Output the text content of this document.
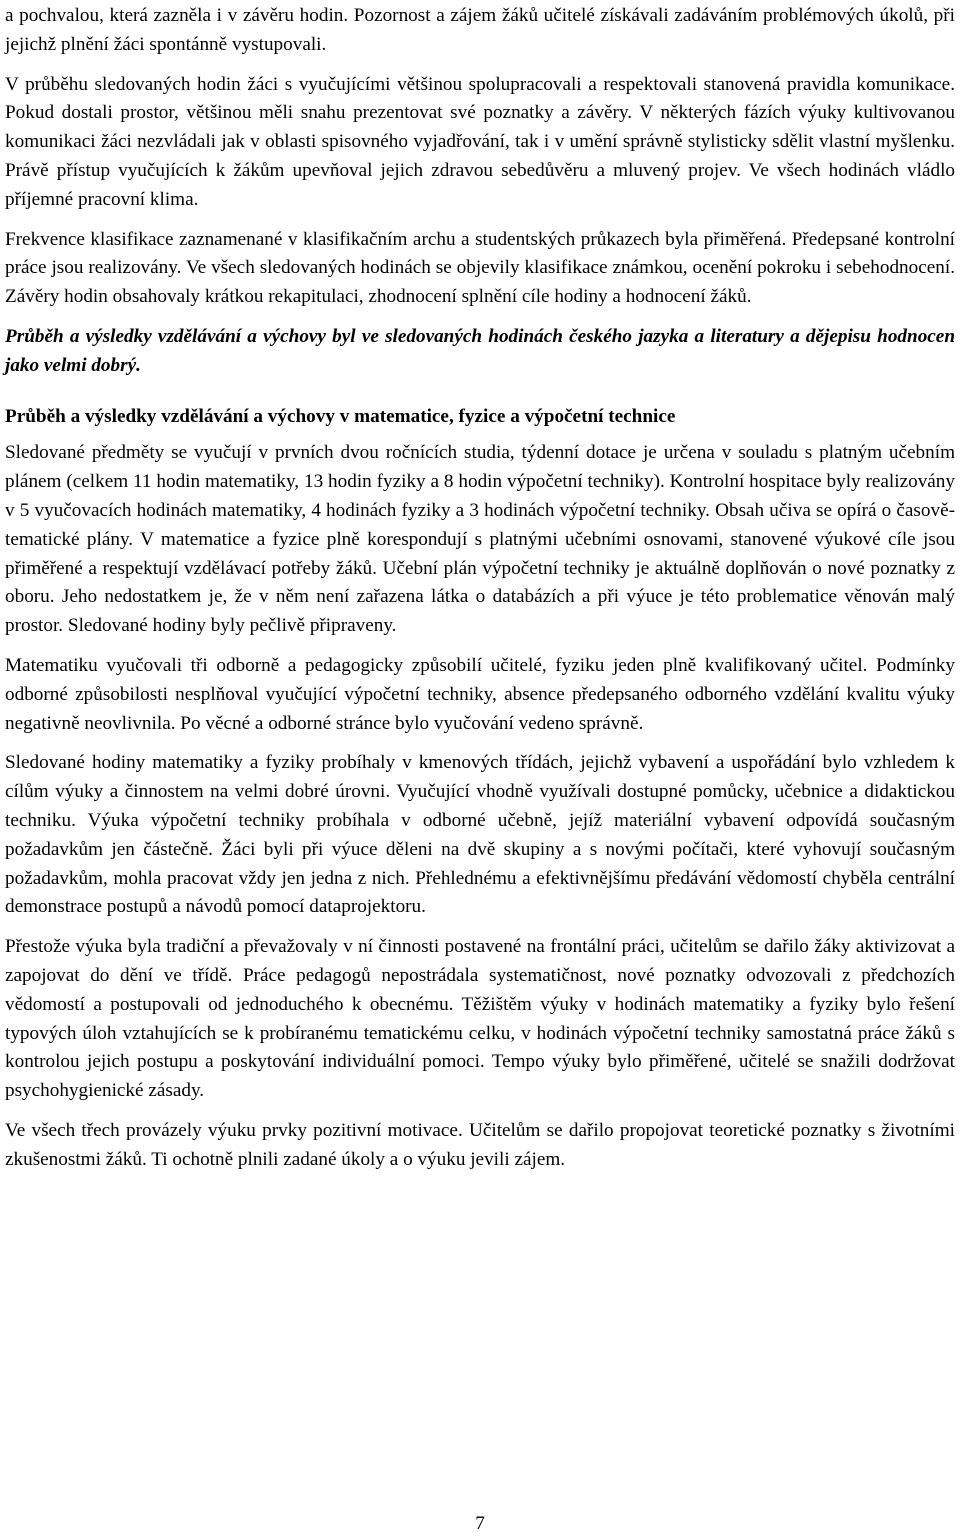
a pochvalou, která zazněla i v závěru hodin. Pozornost a zájem žáků učitelé získávali zadáváním problémových úkolů, při jejichž plnění žáci spontánně vystupovali.

V průběhu sledovaných hodin žáci s vyučujícími většinou spolupracovali a respektovali stanovená pravidla komunikace. Pokud dostali prostor, většinou měli snahu prezentovat své poznatky a závěry. V některých fázích výuky kultivovanou komunikaci žáci nezvládali jak v oblasti spisovného vyjadřování, tak i v umění správně stylisticky sdělit vlastní myšlenku. Právě přístup vyučujících k žákům upevňoval jejich zdravou sebedůvěru a mluvený projev. Ve všech hodinách vládlo příjemné pracovní klima.

Frekvence klasifikace zaznamenané v klasifikačním archu a studentských průkazech byla přiměřená. Předepsané kontrolní práce jsou realizovány. Ve všech sledovaných hodinách se objevily klasifikace známkou, ocenění pokroku i sebehodnocení. Závěry hodin obsahovaly krátkou rekapitulaci, zhodnocení splnění cíle hodiny a hodnocení žáků.

Průběh a výsledky vzdělávání a výchovy byl ve sledovaných hodinách českého jazyka a literatury a dějepisu hodnocen jako velmi dobrý.

Průběh a výsledky vzdělávání a výchovy v matematice, fyzice a výpočetní technice

Sledované předměty se vyučují v prvních dvou ročnících studia, týdenní dotace je určena v souladu s platným učebním plánem (celkem 11 hodin matematiky, 13 hodin fyziky a 8 hodin výpočetní techniky). Kontrolní hospitace byly realizovány v 5 vyučovacích hodinách matematiky, 4 hodinách fyziky a 3 hodinách výpočetní techniky. Obsah učiva se opírá o časově-tematické plány. V matematice a fyzice plně korespondují s platnými učebními osnovami, stanovené výukové cíle jsou přiměřené a respektují vzdělávací potřeby žáků. Učební plán výpočetní techniky je aktuálně doplňován o nové poznatky z oboru. Jeho nedostatkem je, že v něm není zařazena látka o databázích a při výuce je této problematice věnován malý prostor. Sledované hodiny byly pečlivě připraveny.

Matematiku vyučovali tři odborně a pedagogicky způsobilí učitelé, fyziku jeden plně kvalifikovaný učitel. Podmínky odborné způsobilosti nesplňoval vyučující výpočetní techniky, absence předepsaného odborného vzdělání kvalitu výuky negativně neovlivnila. Po věcné a odborné stránce bylo vyučování vedeno správně.

Sledované hodiny matematiky a fyziky probíhaly v kmenových třídách, jejichž vybavení a uspořádání bylo vzhledem k cílům výuky a činnostem na velmi dobré úrovni. Vyučující vhodně využívali dostupné pomůcky, učebnice a didaktickou techniku. Výuka výpočetní techniky probíhala v odborné učebně, jejíž materiální vybavení odpovídá současným požadavkům jen částečně. Žáci byli při výuce děleni na dvě skupiny a s novými počítači, které vyhovují současným požadavkům, mohla pracovat vždy jen jedna z nich. Přehlednému a efektivnějšímu předávání vědomostí chyběla centrální demonstrace postupů a návodů pomocí dataprojektoru.

Přestože výuka byla tradiční a převažovaly v ní činnosti postavené na frontální práci, učitelům se dařilo žáky aktivizovat a zapojovat do dění ve třídě. Práce pedagogů nepostrádala systematičnost, nové poznatky odvozovali z předchozích vědomostí a postupovali od jednoduchého k obecnému. Těžištěm výuky v hodinách matematiky a fyziky bylo řešení typových úloh vztahujících se k probíranému tematickému celku, v hodinách výpočetní techniky samostatná práce žáků s kontrolou jejich postupu a poskytování individuální pomoci. Tempo výuky bylo přiměřené, učitelé se snažili dodržovat psychohygienické zásady.

Ve všech třech provázely výuku prvky pozitivní motivace. Učitelům se dařilo propojovat teoretické poznatky s životními zkušenostmi žáků. Ti ochotně plnili zadané úkoly a o výuku jevili zájem.

7
